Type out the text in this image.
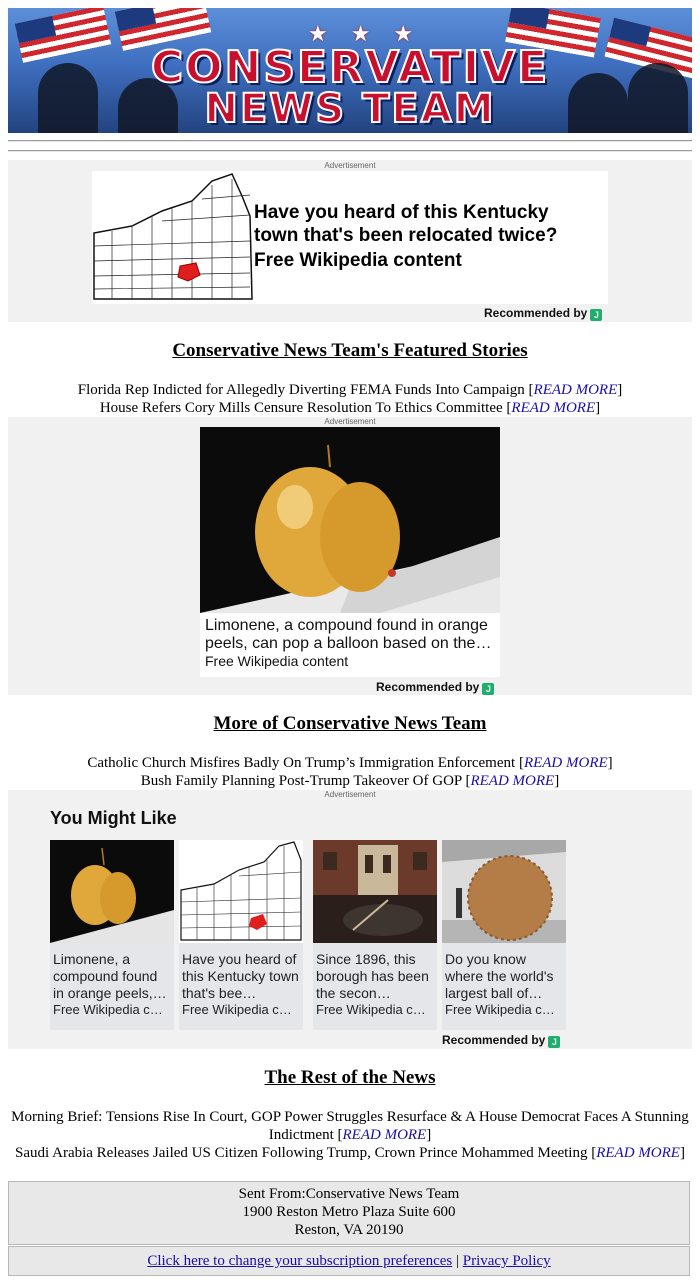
★ ★ ★
CONSERVATIVE
NEWS TEAM
Advertisement
Have you heard of this Kentucky town that's been relocated twice?
Free Wikipedia content
Recommended by J
Conservative News Team's Featured Stories
Florida Rep Indicted for Allegedly Diverting FEMA Funds Into Campaign [READ MORE]
House Refers Cory Mills Censure Resolution To Ethics Committee [READ MORE]
Advertisement
Limonene, a compound found in orange peels, can pop a balloon based on the…
Free Wikipedia content
Recommended by J
More of Conservative News Team
Catholic Church Misfires Badly On Trump’s Immigration Enforcement [READ MORE]
Bush Family Planning Post-Trump Takeover Of GOP [READ MORE]
Advertisement
You Might Like
Recommended by J
Limonene, a compound found in orange peels,…
Free Wikipedia c…
Have you heard of this Kentucky town that's bee…
Free Wikipedia c…
Since 1896, this borough has been the secon…
Free Wikipedia c…
Do you know where the world's largest ball of…
Free Wikipedia c…
The Rest of the News
Morning Brief: Tensions Rise In Court, GOP Power Struggles Resurface & A House Democrat Faces A Stunning Indictment [READ MORE]
Saudi Arabia Releases Jailed US Citizen Following Trump, Crown Prince Mohammed Meeting [READ MORE]
Sent From:Conservative News Team
1900 Reston Metro Plaza Suite 600
Reston, VA 20190
Click here to change your subscription preferences | Privacy Policy
